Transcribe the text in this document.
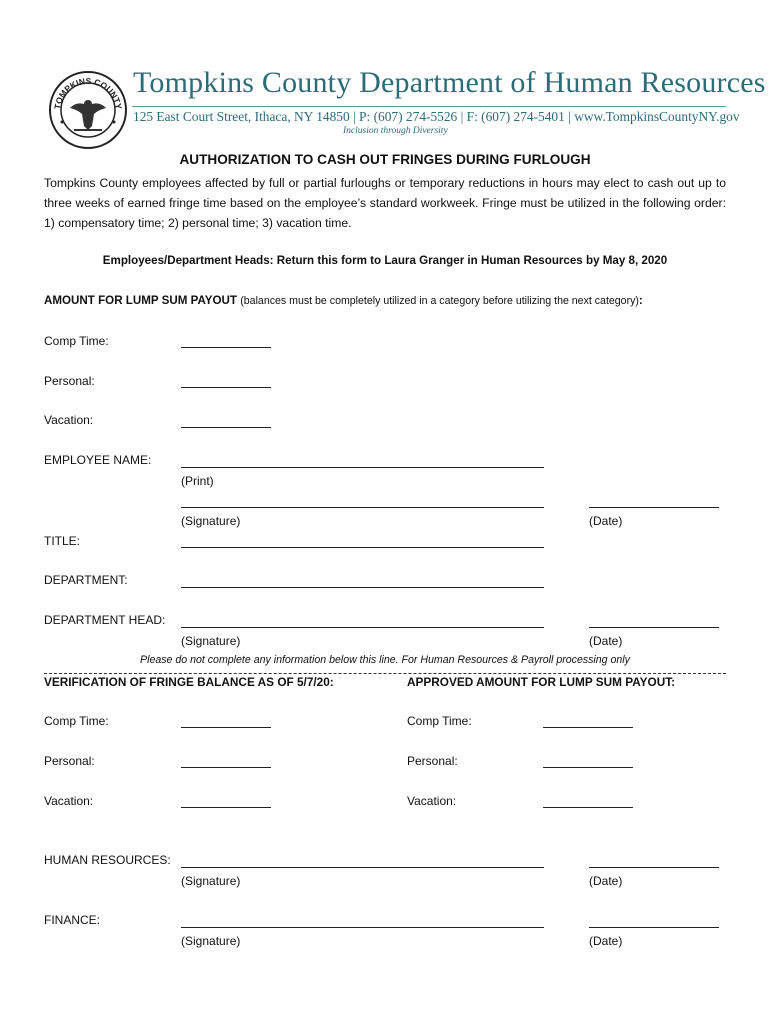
TOMPKINS COUNTY
Tompkins County Department of Human Resources
125 East Court Street, Ithaca, NY 14850 | P: (607) 274-5526 | F: (607) 274-5401 | www.TompkinsCountyNY.gov
Inclusion through Diversity
AUTHORIZATION TO CASH OUT FRINGES DURING FURLOUGH
Tompkins County employees affected by full or partial furloughs or temporary reductions in hours may elect to cash out up to three weeks of earned fringe time based on the employee’s standard workweek. Fringe must be utilized in the following order: 1) compensatory time; 2) personal time; 3) vacation time.
Employees/Department Heads: Return this form to Laura Granger in Human Resources by May 8, 2020
AMOUNT FOR LUMP SUM PAYOUT (balances must be completely utilized in a category before utilizing the next category):
Comp Time:
Personal:
Vacation:
EMPLOYEE NAME:
(Print)
(Signature)	(Date)
TITLE:
DEPARTMENT:
DEPARTMENT HEAD:
(Signature)	(Date)
Please do not complete any information below this line. For Human Resources & Payroll processing only
VERIFICATION OF FRINGE BALANCE AS OF 5/7/20:	APPROVED AMOUNT FOR LUMP SUM PAYOUT:
Comp Time:	Comp Time:
Personal:	Personal:
Vacation:	Vacation:
HUMAN RESOURCES:
(Signature)	(Date)
FINANCE:
(Signature)	(Date)
